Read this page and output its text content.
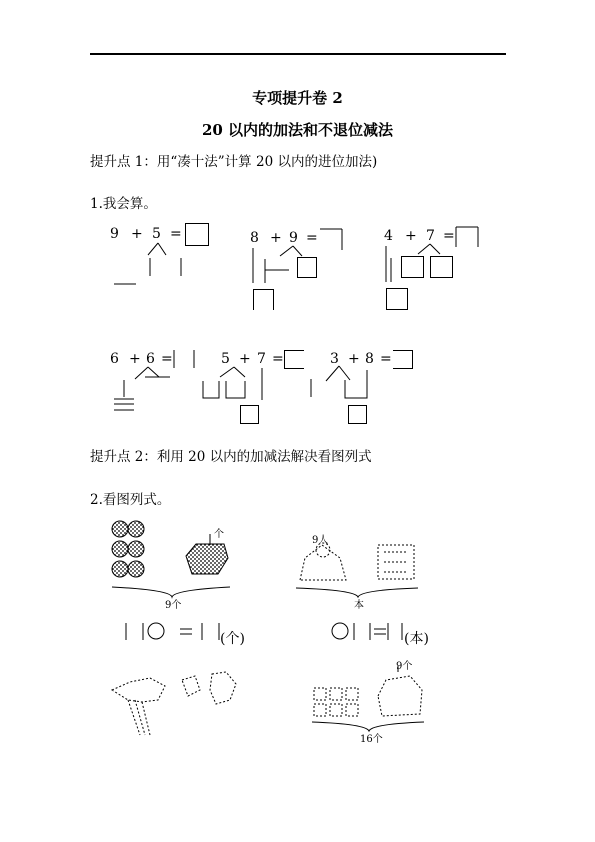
专项提升卷 2
20 以内的加法和不退位减法
提升点 1：用“凑十法”计算 20 以内的进位加法)
1.我会算。
9 + 5 =	8 + 9 =	4 + 7 =
6 + 6 =	5 + 7 =	3 + 8 =
提升点 2：利用 20 以内的加减法解决看图列式
2.看图列式。
个
9个
9人
本
(个)	(本)
9个
16个
